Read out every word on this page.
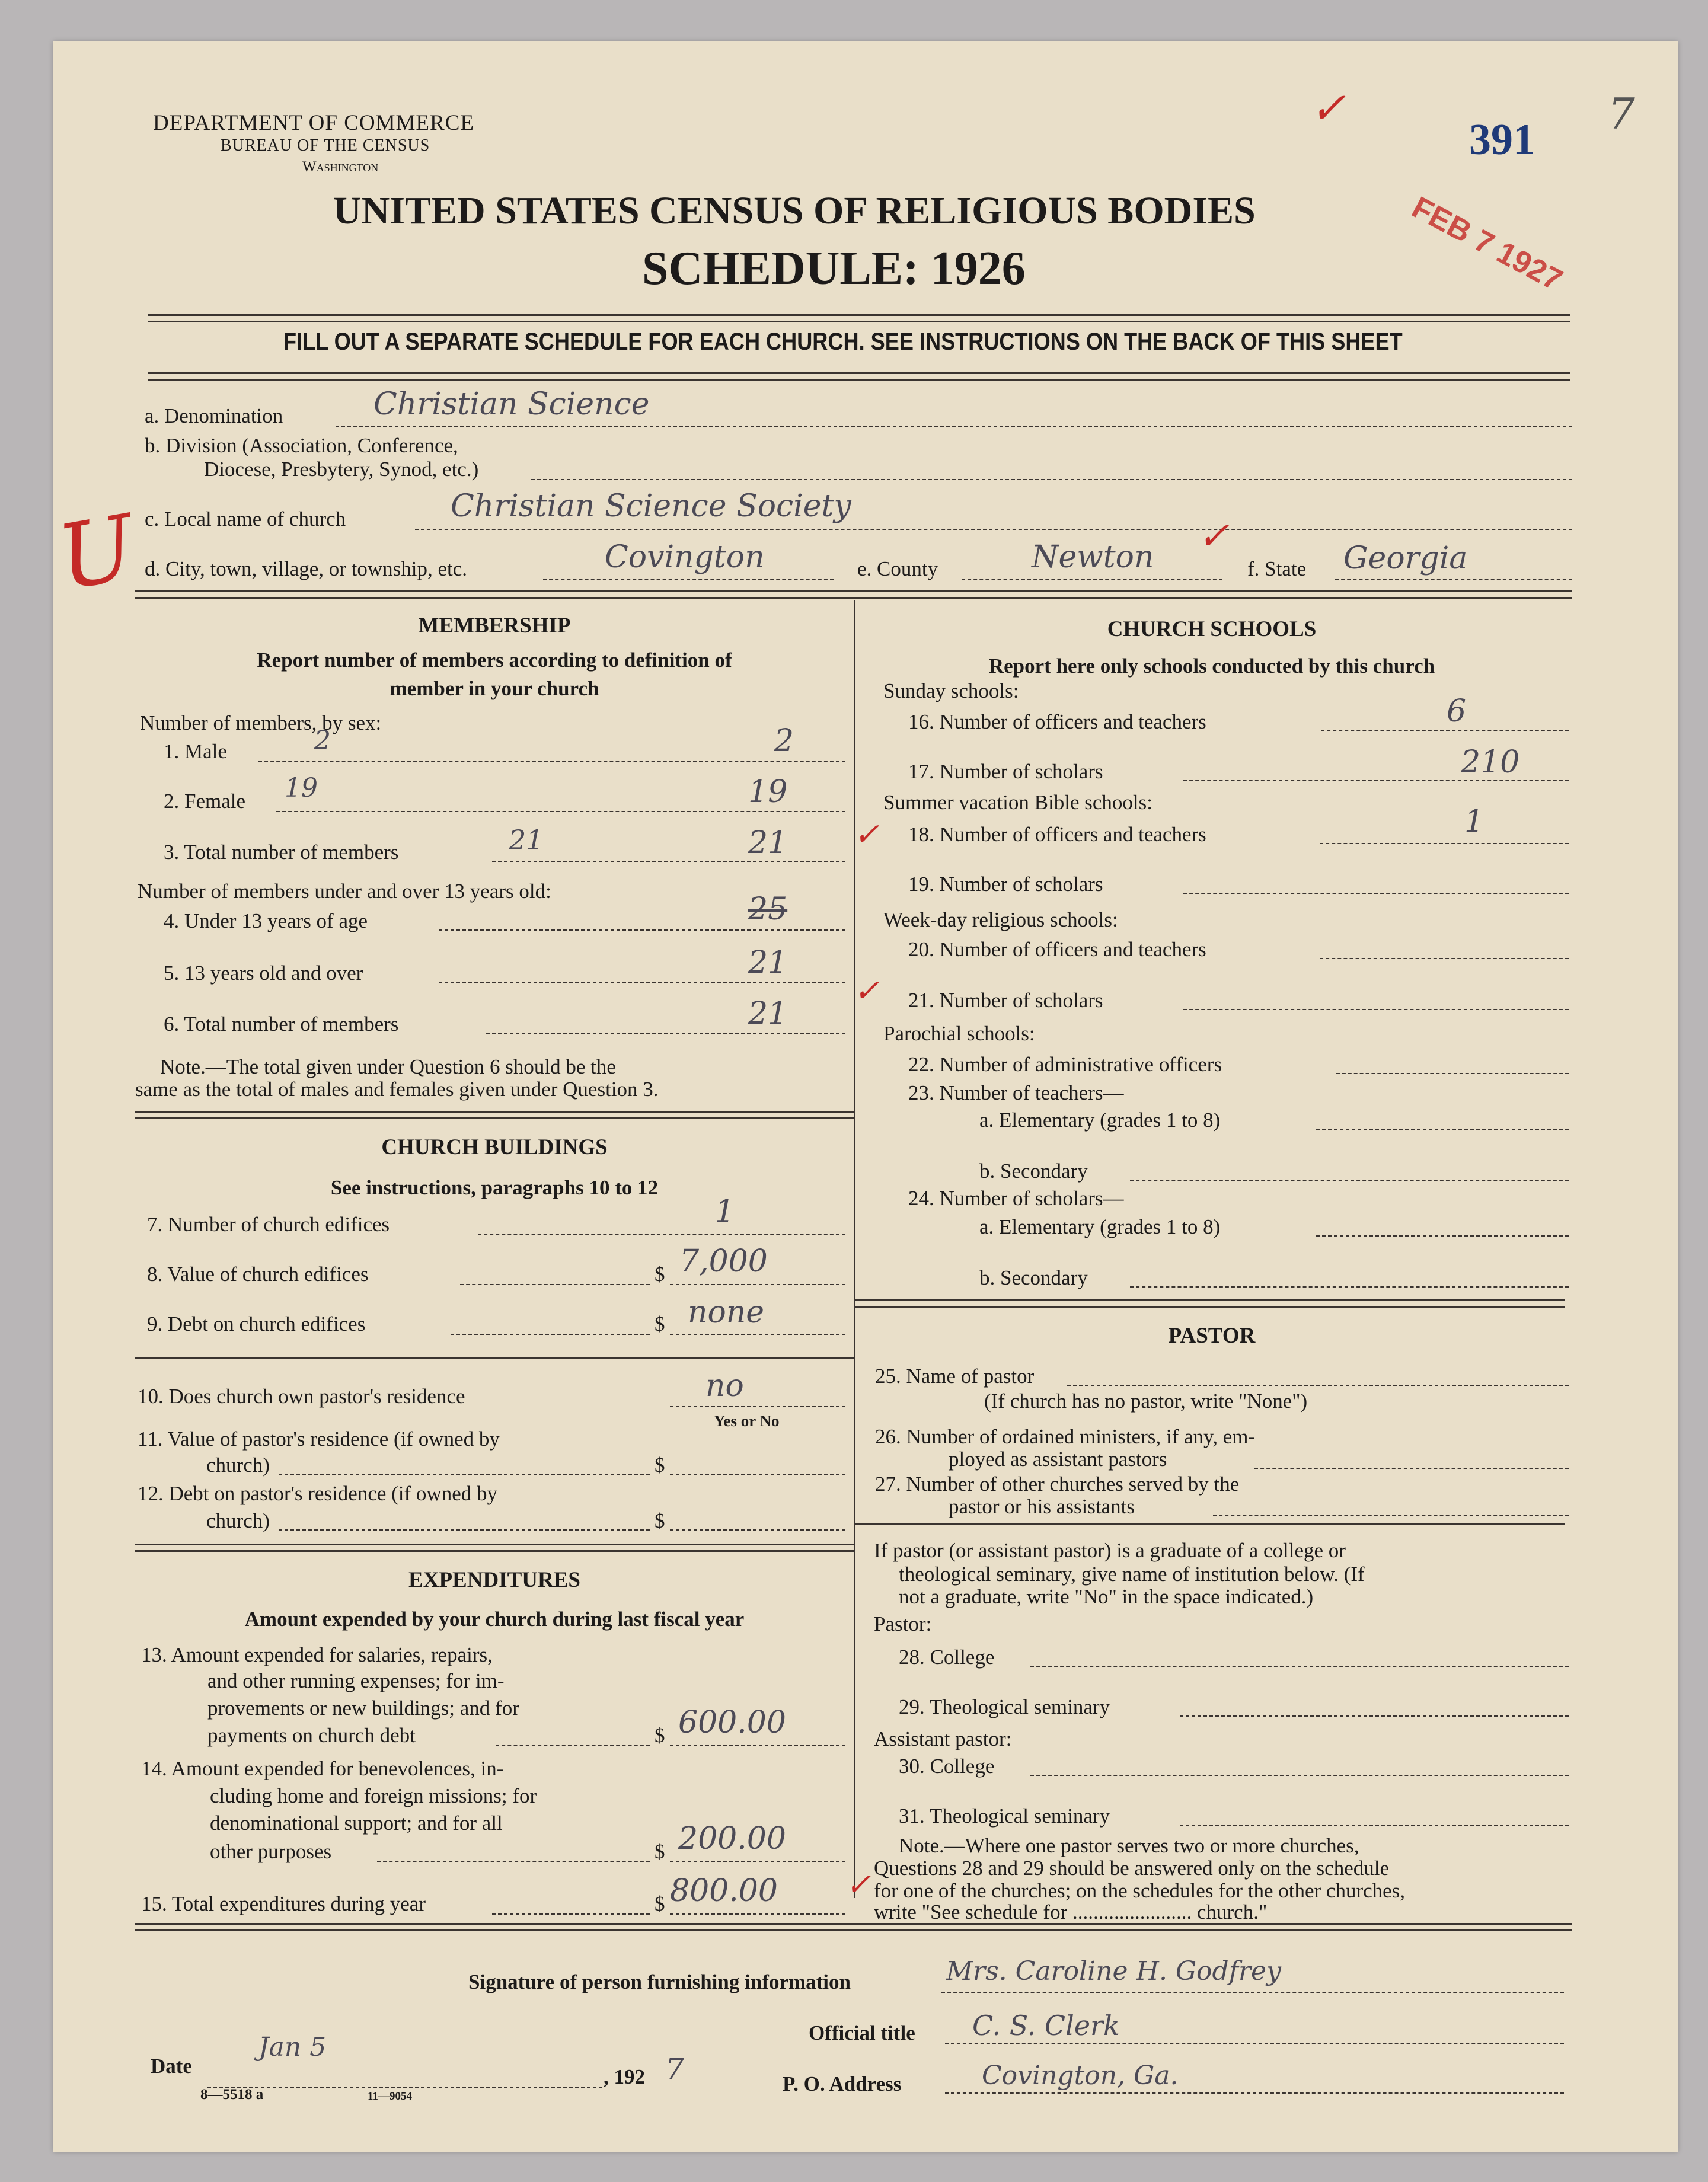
DEPARTMENT OF COMMERCE
BUREAU OF THE CENSUS
Washington
UNITED STATES CENSUS OF RELIGIOUS BODIES
SCHEDULE: 1926
FILL OUT A SEPARATE SCHEDULE FOR EACH CHURCH. SEE INSTRUCTIONS ON THE BACK OF THIS SHEET
391
FEB 7 1927
7
✓
a. Denomination	Christian Science
b. Division (Association, Conference,
Diocese, Presbytery, Synod, etc.)
c. Local name of church	Christian Science Society
d. City, town, village, or township, etc.	Covington	e. County	Newton	f. State Georgia
✓
U
MEMBERSHIP
Report number of members according to definition of
member in your church
Number of members, by sex:
1. Male	2	2
2. Female 19	19
3. Total number of members	21	21 ✓
Number of members under and over 13 years old:
4. Under 13 years of age	25
5. 13 years old and over	21
6. Total number of members	21
✓
Note.—The total given under Question 6 should be the
same as the total of males and females given under Question 3.
CHURCH BUILDINGS
See instructions, paragraphs 10 to 12
7. Number of church edifices	1
8. Value of church edifices	$ 7,000
9. Debt on church edifices	$ none
10. Does church own pastor's residence	no
Yes or No
11. Value of pastor's residence (if owned by
church)	$
12. Debt on pastor's residence (if owned by
church)	$
EXPENDITURES
Amount expended by your church during last fiscal year
13. Amount expended for salaries, repairs,
and other running expenses; for im-
provements or new buildings; and for
payments on church debt	$ 600.00
14. Amount expended for benevolences, in-
cluding home and foreign missions; for
denominational support; and for all
other purposes	$ 200.00
15. Total expenditures during year	$ 800.00 ✓
CHURCH SCHOOLS
Report here only schools conducted by this church
Sunday schools:
16. Number of officers and teachers	6
17. Number of scholars	210
Summer vacation Bible schools:
18. Number of officers and teachers	1
19. Number of scholars
Week-day religious schools:
20. Number of officers and teachers
21. Number of scholars
Parochial schools:
22. Number of administrative officers
23. Number of teachers—
a. Elementary (grades 1 to 8)
b. Secondary
24. Number of scholars—
a. Elementary (grades 1 to 8)
b. Secondary
PASTOR
25. Name of pastor
(If church has no pastor, write "None")
26. Number of ordained ministers, if any, em-
ployed as assistant pastors
27. Number of other churches served by the
pastor or his assistants
If pastor (or assistant pastor) is a graduate of a college or
theological seminary, give name of institution below. (If
not a graduate, write "No" in the space indicated.)
Pastor:
28. College
29. Theological seminary
Assistant pastor:
30. College
31. Theological seminary
Note.—Where one pastor serves two or more churches,
Questions 28 and 29 should be answered only on the schedule
for one of the churches; on the schedules for the other churches,
write "See schedule for ....................... church."
Signature of person furnishing information	Mrs. Caroline H. Godfrey
Official title C. S. Clerk
Date
Jan 5
, 192 7	P. O. Address	Covington, Ga.
8—5518 a	11—9054
